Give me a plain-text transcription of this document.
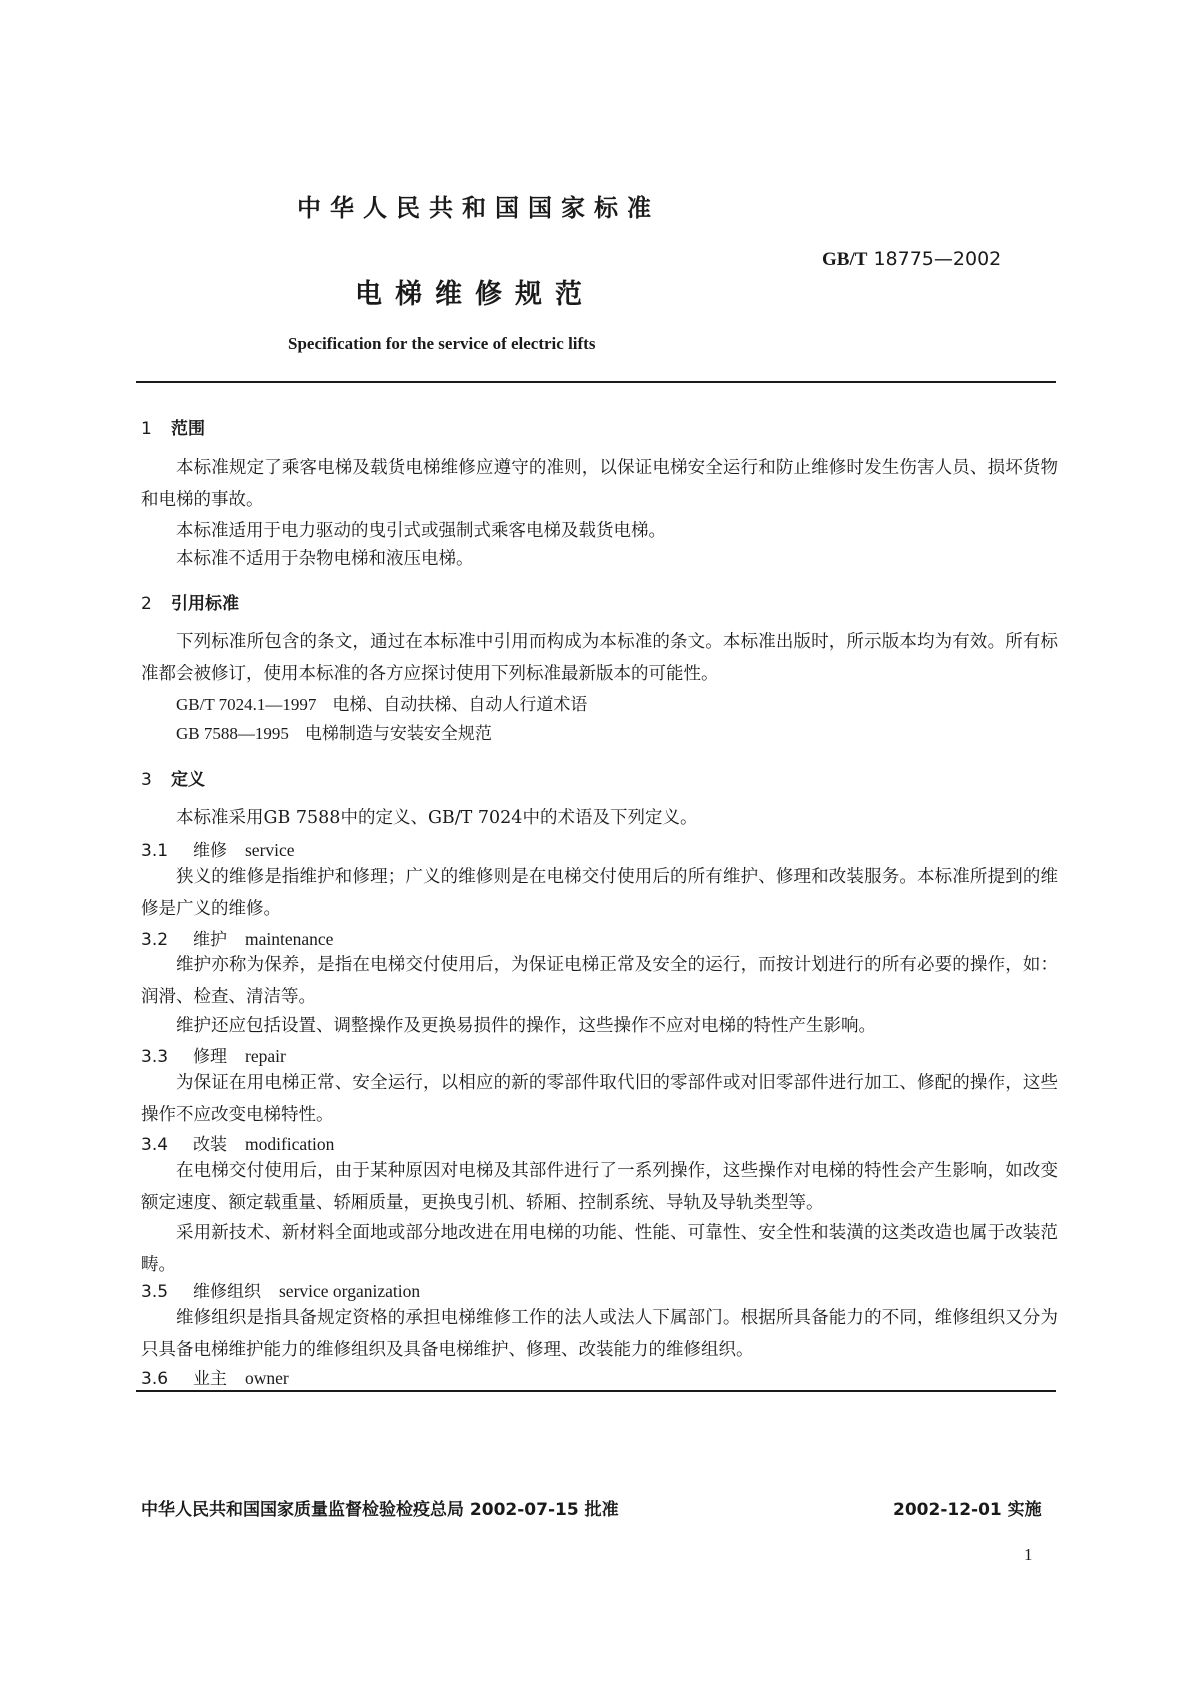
中华人民共和国国家标准
GB/T 18775—2002
电梯维修规范
Specification for the service of electric lifts
1 范围
本标准规定了乘客电梯及载货电梯维修应遵守的准则，以保证电梯安全运行和防止维修时发生伤害人员、损坏货物和电梯的事故。
本标准适用于电力驱动的曳引式或强制式乘客电梯及载货电梯。
本标准不适用于杂物电梯和液压电梯。
2 引用标准
下列标准所包含的条文，通过在本标准中引用而构成为本标准的条文。本标准出版时，所示版本均为有效。所有标准都会被修订，使用本标准的各方应探讨使用下列标准最新版本的可能性。
GB/T 7024.1—1997 电梯、自动扶梯、自动人行道术语
GB 7588—1995 电梯制造与安装安全规范
3 定义
本标准采用GB 7588中的定义、GB/T 7024中的术语及下列定义。
3.1 维修 service
狭义的维修是指维护和修理；广义的维修则是在电梯交付使用后的所有维护、修理和改装服务。本标准所提到的维修是广义的维修。
3.2 维护 maintenance
维护亦称为保养，是指在电梯交付使用后，为保证电梯正常及安全的运行，而按计划进行的所有必要的操作，如：润滑、检查、清洁等。
维护还应包括设置、调整操作及更换易损件的操作，这些操作不应对电梯的特性产生影响。
3.3 修理 repair
为保证在用电梯正常、安全运行，以相应的新的零部件取代旧的零部件或对旧零部件进行加工、修配的操作，这些操作不应改变电梯特性。
3.4 改装 modification
在电梯交付使用后，由于某种原因对电梯及其部件进行了一系列操作，这些操作对电梯的特性会产生影响，如改变额定速度、额定载重量、轿厢质量，更换曳引机、轿厢、控制系统、导轨及导轨类型等。
采用新技术、新材料全面地或部分地改进在用电梯的功能、性能、可靠性、安全性和装潢的这类改造也属于改装范畴。
3.5 维修组织 service organization
维修组织是指具备规定资格的承担电梯维修工作的法人或法人下属部门。根据所具备能力的不同，维修组织又分为只具备电梯维护能力的维修组织及具备电梯维护、修理、改装能力的维修组织。
3.6 业主 owner
中华人民共和国国家质量监督检验检疫总局 2002-07-15 批准	2002-12-01 实施
1
